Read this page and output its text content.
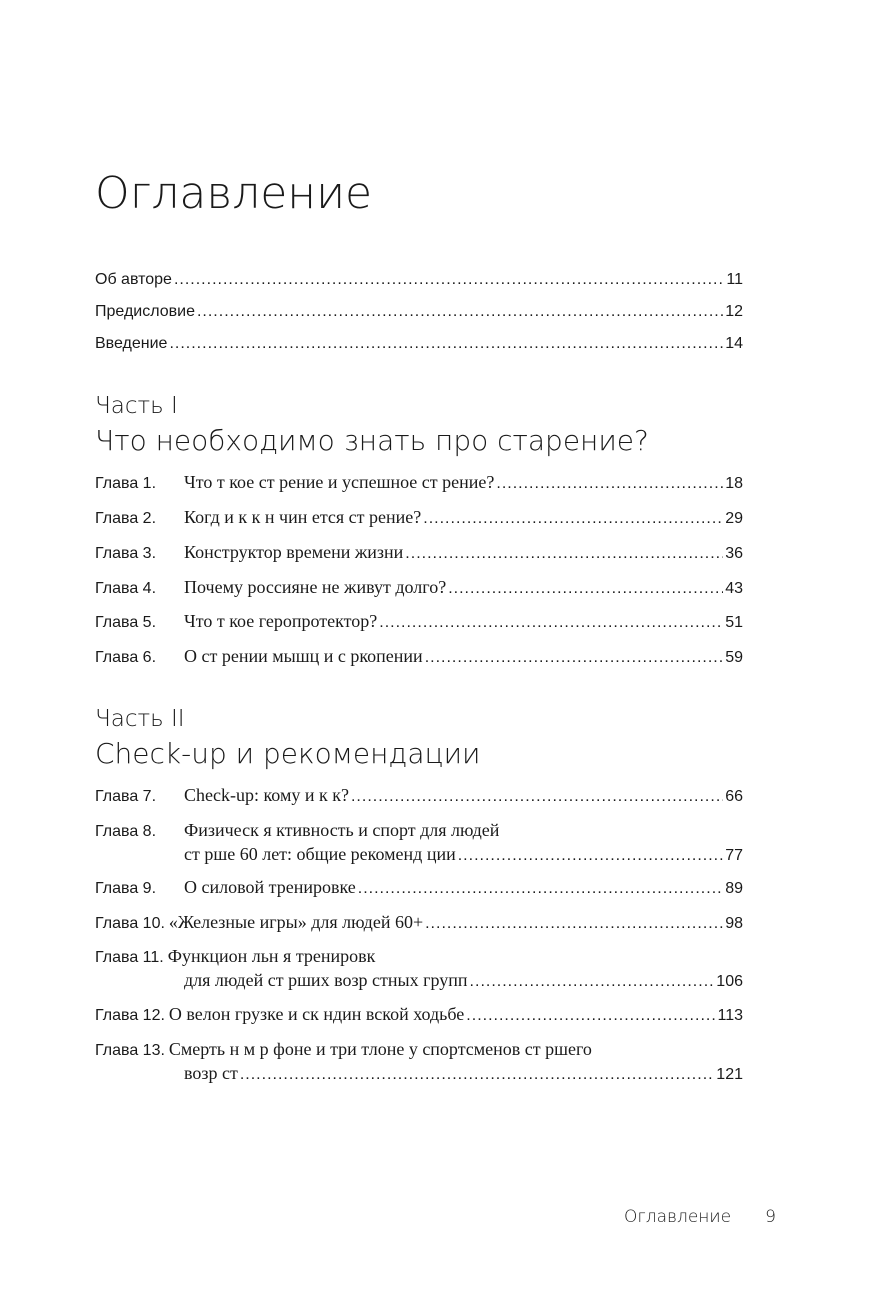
Оглавление
Об авторе .....	11
Предисловие .....	12
Введение .....	14
Часть I
Что необходимо знать про старение?
Глава 1.	Что т кое ст рение и успешное ст рение? .....	18
Глава 2.	Когд и к к н чин ется ст рение? .....	29
Глава 3.	Конструктор времени жизни .....	36
Глава 4.	Почему россияне не живут долго? .....	43
Глава 5.	Что т кое геропротектор? .....	51
Глава 6.	О ст рении мышц и с ркопении .....	59
Часть II
Check-up и рекомендации
Глава 7.	Check-up: кому и к к? .....	66
Глава 8.	Физическ я ктивность и спорт для людей
ст рше 60 лет: общие рекоменд ции .....	77
Глава 9.	О силовой тренировке .....	89
Глава 10. «Железные игры» для людей 60+ .....	98
Глава 11. Функцион льн я тренировк
для людей ст рших возр стных групп .....	106
Глава 12. О велон грузке и ск ндин вской ходьбе .....	113
Глава 13. Смерть н м р фоне и три тлоне у спортсменов ст ршего
возр ст .....	121
Оглавление 9
